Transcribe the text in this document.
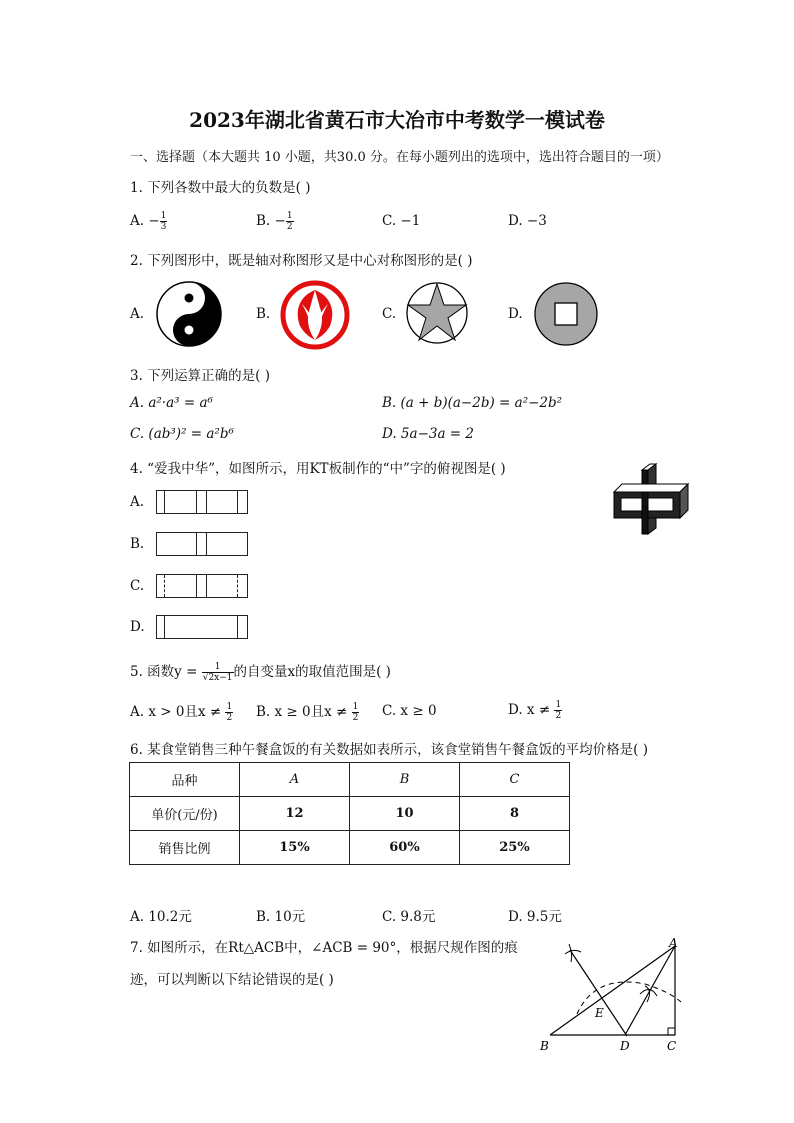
2023年湖北省黄石市大冶市中考数学一模试卷
一、选择题（本大题共 10 小题，共30.0 分。在每小题列出的选项中，选出符合题目的一项）
1. 下列各数中最大的负数是( )
A. − $\frac{1}{3}$	B. − $\frac{1}{2}$	C. −1	D. −3
2. 下列图形中，既是轴对称图形又是中心对称图形的是( )
A.	B.	C.	D.
3. 下列运算正确的是( )
A. a²·a³ = a⁶	B. (a + b)(a−2b) = a²−2b²
C. (ab³)² = a²b⁶	D. 5a−3a = 2
4. “爱我中华”，如图所示，用KT板制作的“中”字的俯视图是( )
A.
B.
C.
D.
5. 函数$y = \frac{1}{√2x-1}$ 的自变量x的取值范围是( )
A. x > 0且$x \ne \frac{1}{2} B$. x ≥ 0且$x \ne \frac{1}{2} C$. x ≥ 0	D. $x \ne \frac{1}{2}$
6. 某食堂销售三种午餐盒饭的有关数据如表所示，该食堂销售午餐盒饭的平均价格是( )
品种	A	B	C
单价(元/份)	12	10	8
销售比例	15%	60%	25%
A. 10.2元	B. 10元	C. 9.8元	D. 9.5元
7. 如图所示，在Rt△ACB中，∠ACB = 90°，根据尺规作图的痕
迹，可以判断以下结论错误的是( )
A
B	C
D
E
